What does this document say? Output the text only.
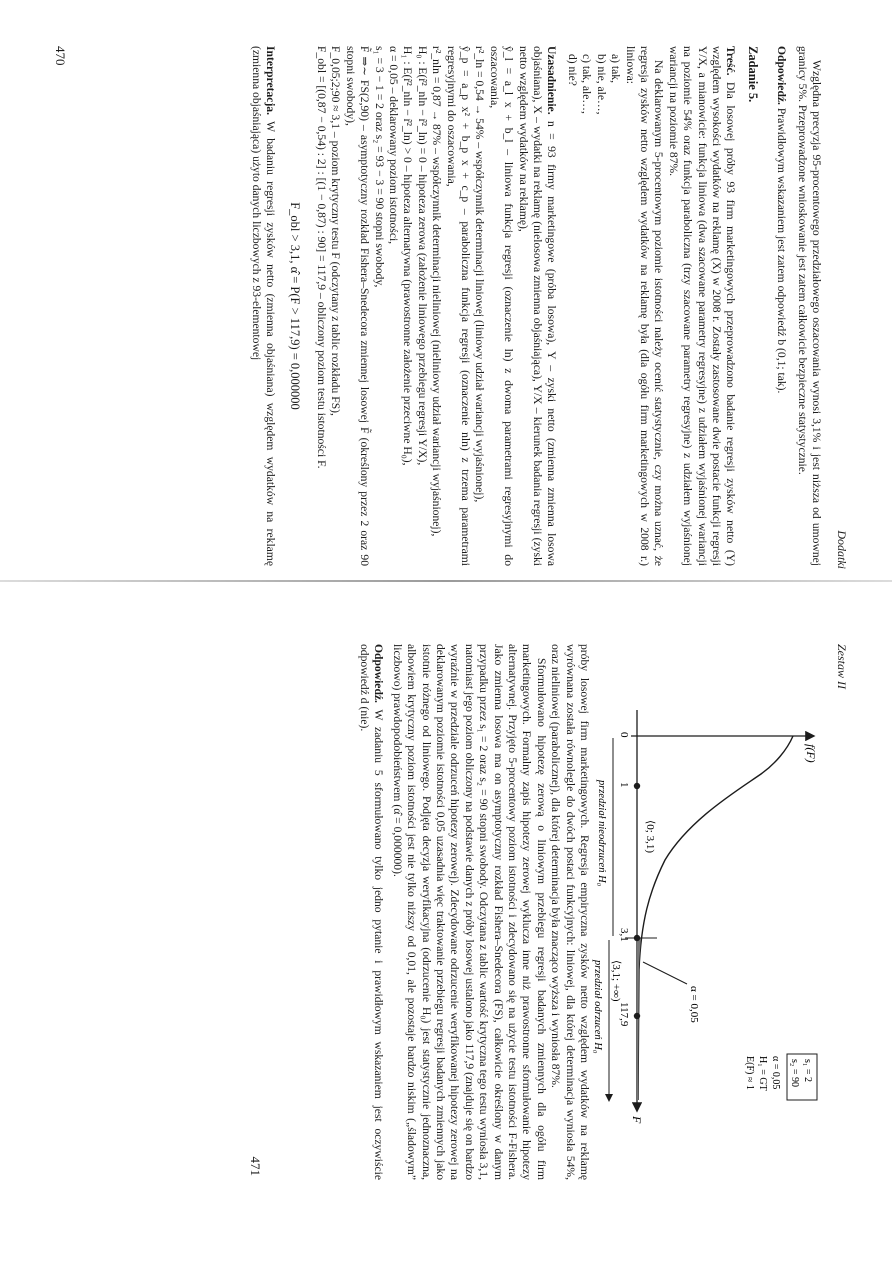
Dodatki

Względna precyzja 95-procentowego przedziałowego oszacowania wynosi 3,1% i jest niższa od umownej granicy 5%. Przeprowadzone wnioskowanie jest zatem całkowicie bezpieczne statystycznie.

Odpowiedź. Prawidłowym wskazaniem jest zatem odpowiedź b (0,1; tak).

Zadanie 5.

Treść. Dla losowej próby 93 firm marketingowych przeprowadzono badanie regresji zysków netto (Y) względem wysokości wydatków na reklamę (X) w 2008 r. Zostały zastosowane dwie postacie funkcji regresji Y/X, a mianowicie: funkcja liniowa (dwa szacowane parametry regresyjne) z udziałem wyjaśnionej wariancji na poziomie 54% oraz funkcja paraboliczna (trzy szacowane parametry regresyjne) z udziałem wyjaśnionej wariancji na poziomie 87%.

Na deklarowanym 5-procentowym poziomie istotności należy ocenić statystycznie, czy można uznać, że regresja zysków netto względem wydatków na reklamę była (dla ogółu firm marketingowych w 2008 r.) liniowa:

a) tak,
b) nie, ale…,
c) tak, ale…,
d) nie?

Uzasadnienie. n = 93 firmy marketingowe (próba losowa), Y – zyski netto (zmienna zmienna losowa objaśniana), X – wydatki na reklamę (nielosowa zmienna objaśniająca), Y/X – kierunek badania regresji (zyski netto względem wydatków na reklamę),

ŷ_l = a_l x + b_l – liniowa funkcja regresji (oznaczenie ln) z dwoma parametrami regresyjnymi do oszacowania,
r²_ln = 0,54 → 54% – współczynnik determinacji liniowej (liniowy udział wariancji wyjaśnionej),
ŷ_p = a_p x² + b_p x + c_p – paraboliczna funkcja regresji (oznaczenie nln) z trzema parametrami regresyjnymi do oszacowania,
r²_nln = 0,87 → 87% – współczynnik determinacji nieliniowej (nieliniowy udział wariancji wyjaśnionej),
H₀ : E(r̃²_nln − r̃²_ln) = 0 – hipoteza zerowa (założenie liniowego przebiegu regresji Y/X),
H₁ : E(r̃²_nln − r̃²_ln) > 0 – hipoteza alternatywna (prawostronne założenie przeciwne H₀),
α = 0,05 – deklarowany poziom istotności,
s₁ = 3 − 1 = 2 oraz s₂ = 93 − 3 = 90 stopni swobody,
F̃ ⇒∼ FS(2,90) – asymptotyczny rozkład Fishera–Snedecora zmiennej losowej F̃ (określony przez 2 oraz 90 stopni swobody),
F_0,05;2;90 ≈ 3,1 – poziom krytyczny testu F (odczytany z tablic rozkładu FS),
F_obl = [(0,87 − 0,54) : 2] : [(1 − 0,87) : 90] = 117,9 – obliczony poziom testu istotności F.
F_obl > 3,1, α̂ = P(F > 117,9) = 0,000000

Interpretacja. W badaniu regresji zysków netto (zmienna objaśniana) względem wydatków na reklamę (zmienna objaśniająca) użyto danych liczbowych z 93-elementowej

470
Zestaw II
α = 0,05
f(F)
F
0
1
3,1
117,9
⟨0; 3,1)
przedział nieodrzuceń H₀
⟨3,1; +∞)
przedział odrzuceń H₀
s₁ = 2
s₂ = 90
α = 0,05
H₁ = GT
E(F) ≈ 1

próby losowej firm marketingowych. Regresja empiryczna zysków netto względem wydatków na reklamę wyrównana została równolegle do dwóch postaci funkcyjnych: liniowej, dla której determinacja wyniosła 54%, oraz nieliniowej (parabolicznej), dla której determinacja była znacząco wyższa i wyniosła 87%.

Sformułowano hipotezę zerową o liniowym przebiegu regresji badanych zmiennych dla ogółu firm marketingowych. Formalny zapis hipotezy zerowej wyklucza inne niż prawostronne sformułowanie hipotezy alternatywnej. Przyjęto 5-procentowy poziom istotności i zdecydowano się na użycie testu istotności F-Fishera. Jako zmienna losowa ma on asymptotyczny rozkład Fishera–Snedecora (FS), całkowicie określony w danym przypadku przez s₁ = 2 oraz s₂ = 90 stopni swobody. Odczytana z tablic wartość krytyczna tego testu wyniosła 3,1, natomiast jego poziom obliczony na podstawie danych z próby losowej ustalono jako 117,9 (znajduje się on bardzo wyraźnie w przedziale odrzuceń hipotezy zerowej). Zdecydowane odrzucenie weryfikowanej hipotezy zerowej na deklarowanym poziomie istotności 0,05 uzasadnia więc traktowanie przebiegu regresji badanych zmiennych jako istotnie różnego od liniowego. Podjęta decyzja weryfikacyjna (odrzucenie H₀) jest statystycznie jednoznaczna, albowiem krytyczny poziom istotności jest nie tylko niższy od 0,01, ale pozostaje bardzo niskim („śladowym” liczbowo) prawdopodobieństwem (α̂ = 0,000000).

Odpowiedź. W zadaniu 5 sformułowano tylko jedno pytanie i prawidłowym wskazaniem jest oczywiście odpowiedź d (nie).

471
